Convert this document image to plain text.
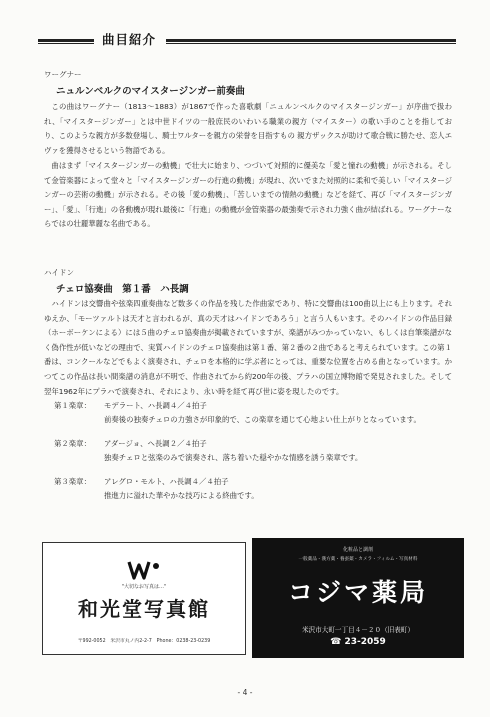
曲目紹介
ワーグナー
ニュルンベルクのマイスタージンガー前奏曲
この曲はワーグナー（1813～1883）が1867で作った喜歌劇「ニュルンベルクのマイスタージンガー」が序曲で扱われ、「マイスタージンガー」とは中世ドイツの一般庶民のいわいる職業の親方（マイスター）の歌い手のことを指しており、このような親方が多数登場し、騎士ワルターを親方の栄誉を目指すもの 親方ザックスが助けて歌合戦に勝たせ、恋人エヴァを獲得させるという物語である。
曲はまず「マイスタージンガーの動機」で壮大に始まり、つづいて対照的に優美な「愛と憧れの動機」が示される。そして金管楽器によって堂々と「マイスタージンガーの行進の動機」が現れ、次いでまた対照的に柔和で美しい「マイスタージンガーの芸術の動機」が示される。その後「愛の動機」、「苦しいまでの情熱の動機」などを経て、再び「マイスタージンガー」、「愛」、「行進」の各動機が現れ最後に「行進」の動機が金管楽器の最強奏で示され力強く曲が結ばれる。ワーグナーならではの壮麗華麗な名曲である。
ハイドン
チェロ協奏曲　第１番　ハ長調
ハイドンは交響曲や弦楽四重奏曲など数多くの作品を残した作曲家であり、特に交響曲は100曲以上にも上ります。それゆえか、「モーツァルトは天才と言われるが、真の天才はハイドンであろう」と言う人もいます。そのハイドンの作品目録（ホーボーケンによる）には５曲のチェロ協奏曲が掲載されていますが、楽譜がみつかっていない、もしくは自筆楽譜がなく偽作性が低いなどの理由で、実質ハイドンのチェロ協奏曲は第１番、第２番の２曲であると考えられています。この第１番は、コンクールなどでもよく演奏され、チェロを本格的に学ぶ者にとっては、重要な位置を占める曲となっています。かつてこの作品は長い間楽譜の消息が不明で、作曲されてから約200年の後、プラハの国立博物館で発見されました。そして翌年1962年にプラハで演奏され、それにより、永い時を経て再び世に姿を現したのです。
第１楽章： モデラート、ハ長調４／４拍子
前奏後の独奏チェロの力強さが印象的で、この楽章を通じて心地よい仕上がりとなっています。
第２楽章： アダージョ、ヘ長調２／４拍子
独奏チェロと弦楽のみで演奏され、落ち着いた穏やかな情感を誘う楽章です。
第３楽章： アレグロ・モルト、ハ長調４／４拍子
推進力に溢れた華やかな技巧による終曲です。
"大切なお写真は…"
和光堂写真館
〒992-0052　米沢市丸ノ内2-2-7　Phone：0238-23-0239
化粧品と調剤
一般薬品・漢方薬・養蚕薬・カメラ・フィルム・写真材料
コジマ薬局
米沢市大町一丁目４－２０（旧表町）
☎ 23-2059
- 4 -
